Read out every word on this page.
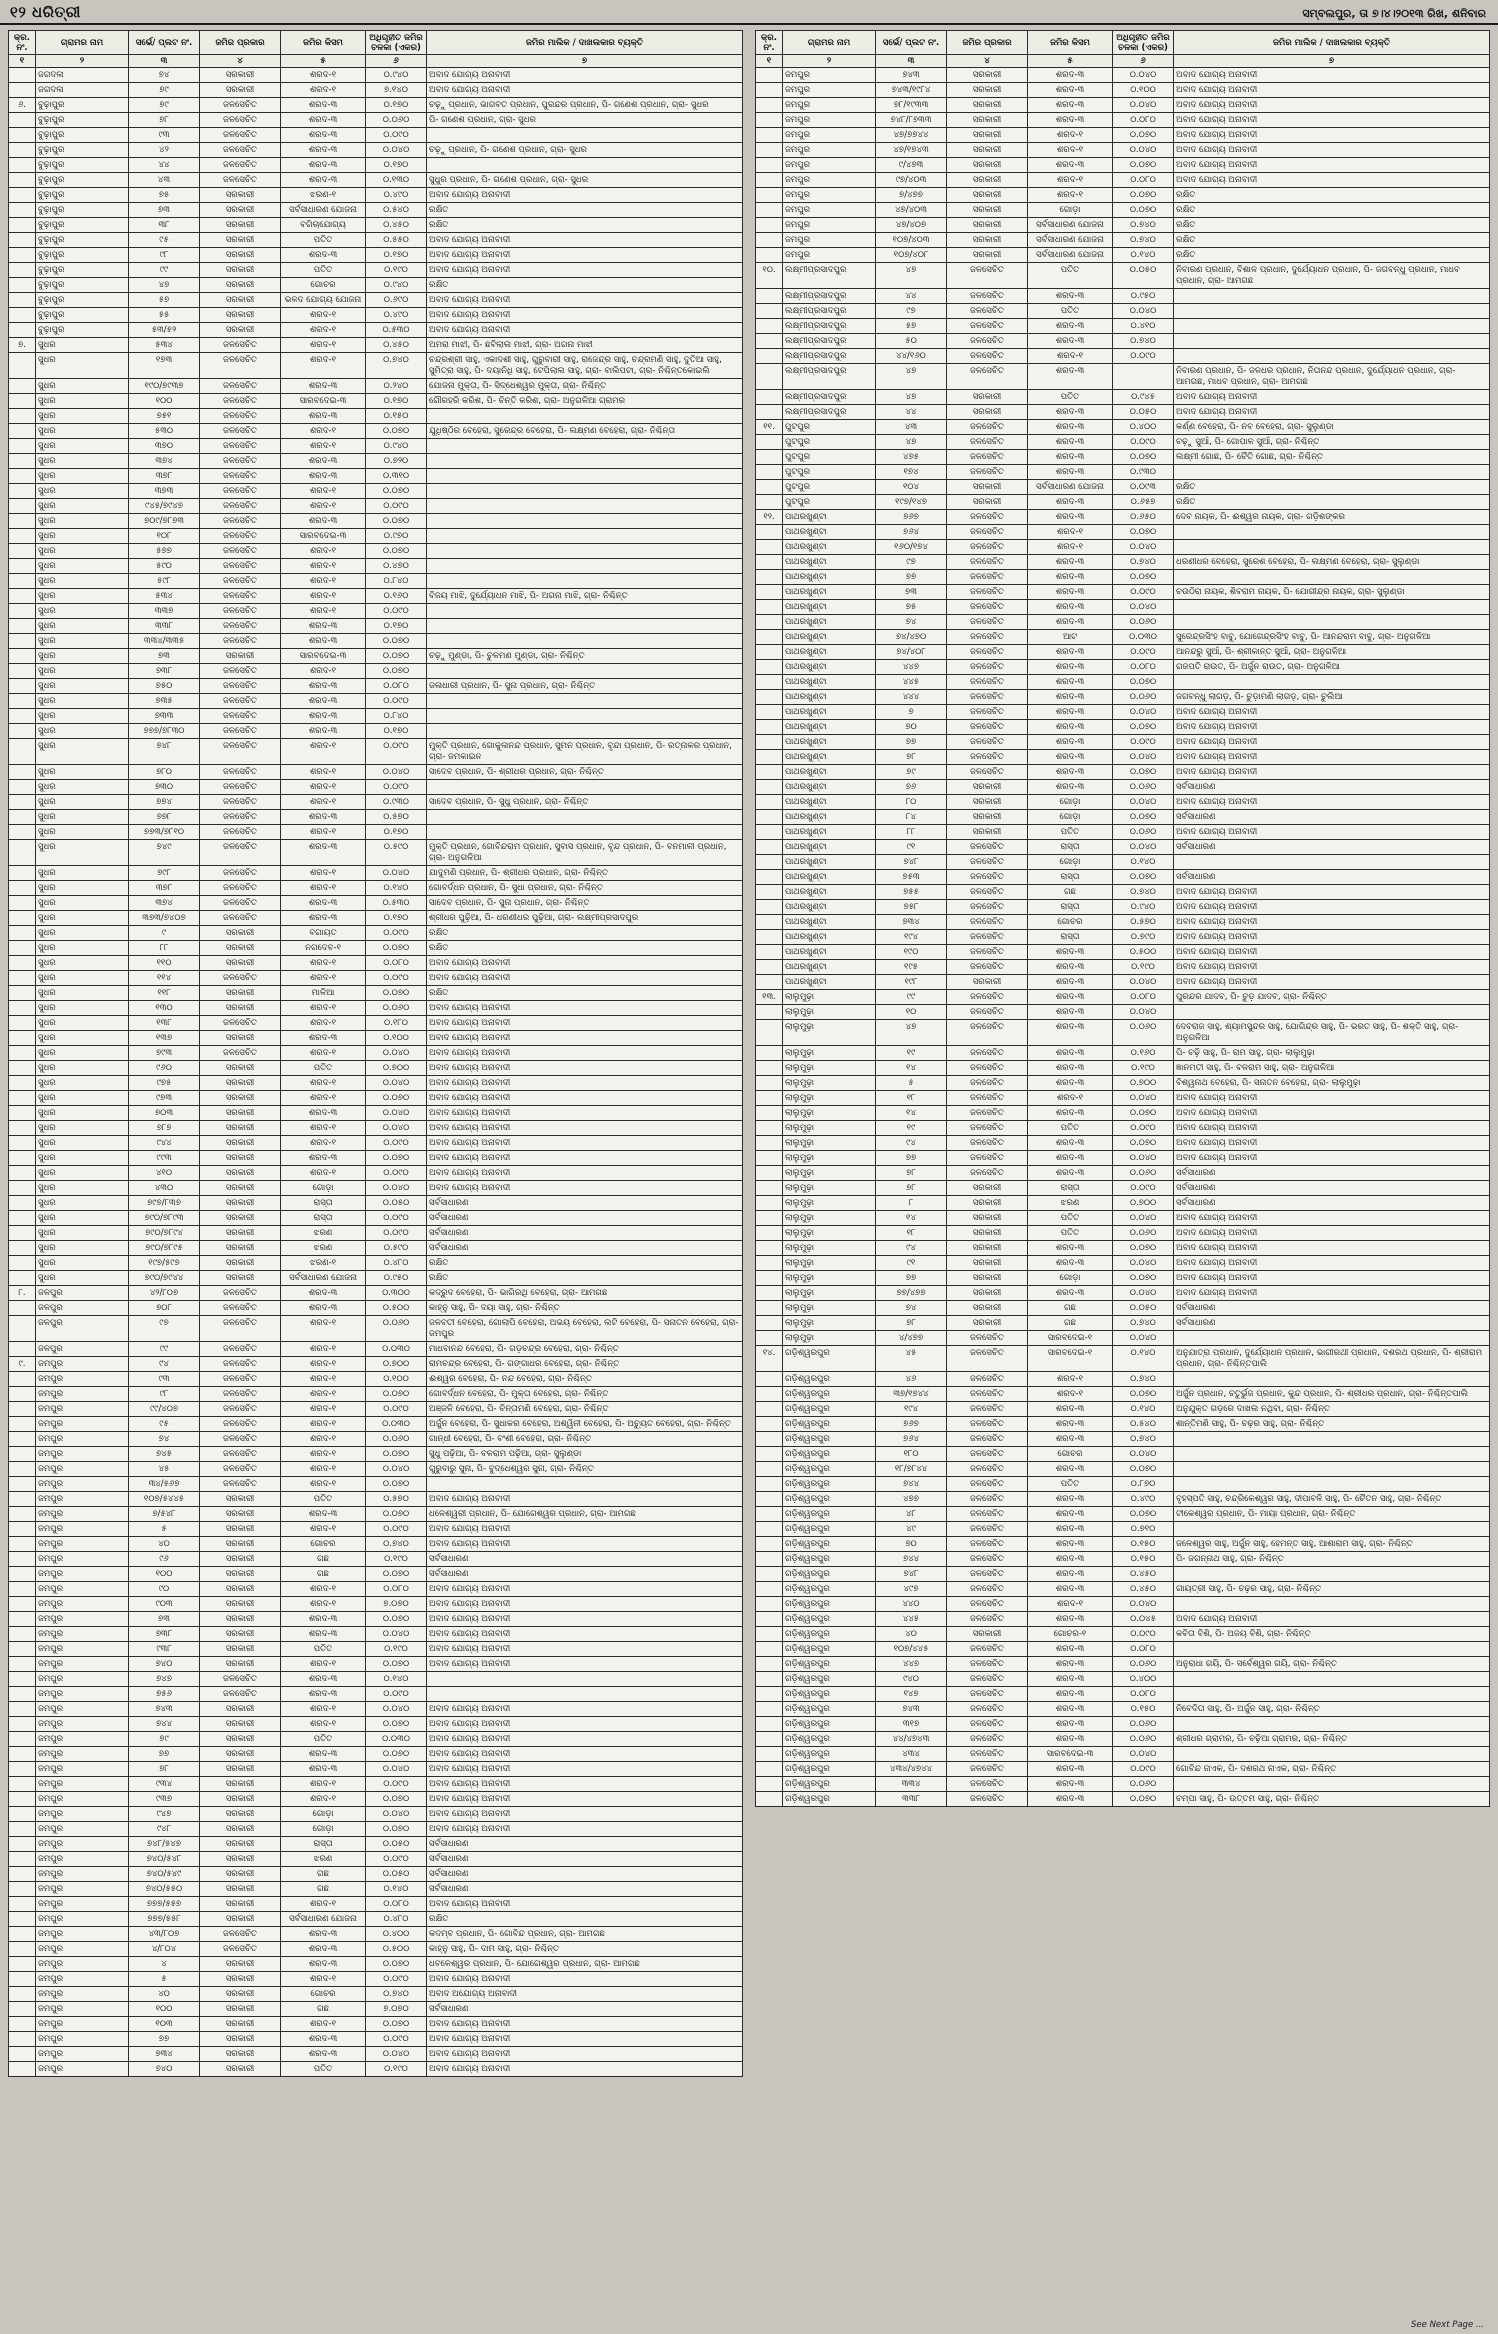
୧୨ ଧରିତ୍ରୀ	ସମ୍ବଲପୁର, ତା ୭।୪।୨୦୧୩ ରିଖ, ଶନିବାର
କ୍ର. ନଂ.	ଗ୍ରାମର ନାମ	ସର୍ଭେ/ ପ୍ଲଟ ନଂ.	ଜମିର ପ୍ରକାର	ଜମିର କିସମ	ଅଧିଗୃହୀତ ଜମିର ଚଳକା (ଏକର)	ଜମିର ମାଲିକ / ଦାଖଲକାର ବ୍ୟକ୍ତି
୧	୨	୩	୪	୫	୬	୭
	ଜଗଦଳା	୭୪	ସରକାରୀ	ଶରଦ-୧	୦.୯୪୦	ଅବାଦ ଯୋଗ୍ୟ ଅନାବାଦୀ
	ଜଗଦଳା	୭୯	ସରକାରୀ	ଶରଦ-୧	୭.୧୪୦	ଅବାଦ ଯୋଗ୍ୟ ଅନାବାଦୀ
୬.	ବୁଢ଼ାପୁର	୭୯	ଜଳସେଚିତ	ଶରଦ-୩	୦.୧୭୦	ଚଢ଼ୁ ପ୍ରଧାନ, ଭାଗବତ ପ୍ରଧାନ, ପୁରନ୍ଦର ପ୍ରଧାନ, ପି- ଗଣେଶ ପ୍ରଧାନ, ଗ୍ରା- ସୁଧର
	ବୁଢ଼ାପୁର	୭୮	ଜଳସେଚିତ	ଶରଦ-୩	୦.୦୬୦	ପି- ଗଣେଶ ପ୍ରଧାନ, ଗ୍ରା- ସୁଧର
	ବୁଢ଼ାପୁର	୯୩	ଜଳସେଚିତ	ଶରଦ-୩	୦.୦୯୦	
	ବୁଢ଼ାପୁର	୪୨	ଜଳସେଚିତ	ଶରଦ-୩	୦.୦୪୦	ଚଢ଼ୁ ପ୍ରଧାନ, ପି- ଗଣେଶ ପ୍ରଧାନ, ଗ୍ରା- ସୁଧର
	ବୁଢ଼ାପୁର	୪୪	ଜଳସେଚିତ	ଶରଦ-୩	୦.୧୭୦	
	ବୁଢ଼ାପୁର	୪୩	ଜଳସେଚିତ	ଶରଦ-୩	୦.୧୩୦	ସୁଧୁର ପ୍ରଧାନ, ପି- ଗଣେଶ ପ୍ରଧାନ, ଗ୍ରା- ସୁଧର
	ବୁଢ଼ାପୁର	୭୫	ସରକାରୀ	ଝରଣ-୧	୦.୪୯୦	ଅବାଦ ଯୋଗ୍ୟ ଅନାବାଦୀ
	ବୁଢ଼ାପୁର	୭୩	ସରକାରୀ	ସର୍ବସାଧାରଣ ଯୋଜନା	୦.୫୪୦	ରକ୍ଷିତ
	ବୁଢ଼ାପୁର	୩୮	ସରକାରୀ	ବଗିଚାଯୋଗ୍ୟ	୦.୪୫୦	ରକ୍ଷିତ
	ବୁଢ଼ାପୁର	୯୫	ସରକାରୀ	ପତିତ	୦.୫୫୦	ଅବାଦ ଯୋଗ୍ୟ ଅନାବାଦୀ
	ବୁଢ଼ାପୁର	୯୮	ସରକାରୀ	ଶରଦ-୩	୦.୧୭୦	ଅବାଦ ଯୋଗ୍ୟ ଅନାବାଦୀ
	ବୁଢ଼ାପୁର	୯୯	ସରକାରୀ	ପତିତ	୦.୧୯୦	ଅବାଦ ଯୋଗ୍ୟ ଅନାବାଦୀ
	ବୁଢ଼ାପୁର	୪୭	ସରକାରୀ	ଗୋଚର	୦.୯୪୦	ରକ୍ଷିତ
	ବୁଢ଼ାପୁର	୫୭	ସରକାରୀ	ଭଳଦ ଯୋଗ୍ୟ ଯୋଜନା	୦.୬୯୦	ଅବାଦ ଯୋଗ୍ୟ ଅନାବାଦୀ
	ବୁଢ଼ାପୁର	୫୫	ସରକାରୀ	ଶରଦ-୧	୦.୪୯୦	ଅବାଦ ଯୋଗ୍ୟ ଅନାବାଦୀ
	ବୁଢ଼ାପୁର	୫୩/୫୨	ସରକାରୀ	ଶରଦ-୧	୦.୫୩୦	ଅବାଦ ଯୋଗ୍ୟ ଅନାବାଦୀ
୭.	ସୁଧର	୫୩୪	ଜଳସେଚିତ	ଶରଦ-୧	୦.୪୫୦	ଅମରା ମାଝୀ, ପି- ଛବିଲାଲ ମାଝୀ, ଗ୍ରା- ଅଗନା ମାଝୀ
	ସୁଧର	୧୭୩	ଜଳସେଚିତ	ଶରଦ-୧	୦.୭୪୦	ଚନ୍ଦ୍ରଶ୍ରୀ ସାହୁ, ଏକାଦଶୀ ସାହୁ, ଗୁରୁବାରୀ ସାହୁ, ରାଜେନ୍ଦ୍ର ସାହୁ, ଚନ୍ଦ୍ରମଣି ସାହୁ, ଦୁତିଆ ସାହୁ, ସୁମିତ୍ରା ସାହୁ, ପି- ଦୟାନିଧି ସାହୁ, ଟେପିଲାଲ ସାହୁ, ଗ୍ରା- ବାଲିପଟା, ଗ୍ରା- ନିଶ୍ଚିନ୍ତକୋଇଲି
	ସୁଧର	୧୯୦/୭୯୩୭	ଜଳସେଚିତ	ଶରଦ-୩	୦.୨୪୦	ଯୋଜନା ମୁକ୍ତା, ପି- ସିଦ୍ଧେଶ୍ୱର ମୁକ୍ତା, ଗ୍ରା- ନିଶ୍ଚିନ୍ତ
	ସୁଧର	୧୦୦	ଜଳସେଚିତ	ସାରବଦେଇ-୩	୦.୧୭୦	ଗୌରହରି କରିଶ, ପି- ଚିନ୍ତି କରିଶ, ଗ୍ରା- ଅନୁଗଳିଆ ଗ୍ରାମର
	ସୁଧର	୭୫୧	ଜଳସେଚିତ	ଶରଦ-୩	୦.୧୫୦	
	ସୁଧର	୫୩୦	ଜଳସେଚିତ	ଶରଦ-୧	୦.୦୭୦	ଯୁଧିଷ୍ଠିର ବେହେରା, ସୁରେନ୍ଦ୍ର ବେହେରା, ପି- ଲକ୍ଷ୍ମଣ ବେହେରା, ଗ୍ରା- ନିଶ୍ଚିନ୍ତା
	ସୁଧର	୩୭୦	ଜଳସେଚିତ	ଶରଦ-୧	୦.୯୪୦	
	ସୁଧର	୩୭୪	ଜଳସେଚିତ	ଶରଦ-୩	୦.୭୨୦	
	ସୁଧର	୩୭୮	ଜଳସେଚିତ	ଶରଦ-୩	୦.୩୧୦	
	ସୁଧର	୩୭୩	ଜଳସେଚିତ	ଶରଦ-୧	୦.୦୭୦	
	ସୁଧର	୯୪୫/୭୯୪୭	ଜଳସେଚିତ	ଶରଦ-୧	୦.୦୯୦	
	ସୁଧର	୭୦୯/୭୮୭୩	ଜଳସେଚିତ	ଶରଦ-୩	୦.୦୭୦	
	ସୁଧର	୧୦୮	ଜଳସେଚିତ	ସାରବଦେଇ-୩	୦.୯୭୦	
	ସୁଧର	୫୭୭	ଜଳସେଚିତ	ଶରଦ-୧	୦.୦୭୦	
	ସୁଧର	୫୯୦	ଜଳସେଚିତ	ଶରଦ-୧	୦.୪୭୦	
	ସୁଧର	୫୯୮	ଜଳସେଚିତ	ଶରଦ-୧	୦.୮୪୦	
	ସୁଧର	୫୩୪	ଜଳସେଚିତ	ଶରଦ-୧	୦.୧୬୦	ବିଜୟ ମାଝି, ଦୁର୍ଯ୍ୟୋଧନ ମାଝି, ପି- ଅଗନା ମାଝି, ଗ୍ରା- ନିଶ୍ଚିନ୍ତ
	ସୁଧର	୩୩୭	ଜଳସେଚିତ	ଶରଦ-୧	୦.୦୯୦	
	ସୁଧର	୩୩୮	ଜଳସେଚିତ	ଶରଦ-୩	୦.୧୭୦	
	ସୁଧର	୩୩୪/୩୩୫	ଜଳସେଚିତ	ଶରଦ-୩	୦.୦୭୦	
	ସୁଧର	୭୩	ସରକାରୀ	ସାରବଦେଇ-୩	୦.୦୭୦	ଚଢ଼ୁ ମୁଣ୍ଡା, ପି- ଚୁଳମଣ ମୁଣ୍ଡା, ଗ୍ରା- ନିଶ୍ଚିନ୍ତ
	ସୁଧର	୭୩୮	ଜଳସେଚିତ	ଶରଦ-୧	୦.୦୭୦	
	ସୁଧର	୭୫୦	ଜଳସେଚିତ	ଶରଦ-୩	୦.୦୮୦	ଜଳାଧାରୀ ପ୍ରଧାନ, ପି- ସୁନା ପ୍ରଧାନ, ଗ୍ରା- ନିଶ୍ଚିନ୍ତ
	ସୁଧର	୭୩୫	ଜଳସେଚିତ	ଶରଦ-୩	୦.୦୯୦	
	ସୁଧର	୭୩୩	ଜଳସେଚିତ	ଶରଦ-୩	୦.୮୪୦	
	ସୁଧର	୭୭୭/୭୮୩୦	ଜଳସେଚିତ	ଶରଦ-୩	୦.୧୭୦	
	ସୁଧର	୭୪୮	ଜଳସେଚିତ	ଶରଦ-୧	୦.୦୯୦	ମୁକ୍ତି ପ୍ରଧାନ, ଗୋକୁଳାନନ୍ଦ ପ୍ରଧାନ, ସୁମନ ପ୍ରଧାନ, ବୃନ୍ଦା ପ୍ରଧାନ, ପି- ରତ୍ନାକର ପ୍ରଧାନ, ଗ୍ରା- ଜମକାଇନ
	ସୁଧର	୭୮୦	ଜଳସେଚିତ	ଶରଦ-୧	୦.୦୪୦	ସାଦେବ ପ୍ରଧାନ, ପି- ଶ୍ରୀଧର ପ୍ରଧାନ, ଗ୍ରା- ନିଶ୍ଚିନ୍ତ
	ସୁଧର	୭୩୦	ଜଳସେଚିତ	ଶରଦ-୧	୦.୦୯୦	
	ସୁଧର	୭୭୪	ଜଳସେଚିତ	ଶରଦ-୧	୦.୯୩୦	ସାଦେବ ପ୍ରଧାନ, ପି- ସୁଧୁ ପ୍ରଧାନ, ଗ୍ରା- ନିଶ୍ଚିନ୍ତ
	ସୁଧର	୭୭୮	ଜଳସେଚିତ	ଶରଦ-୩	୦.୫୭୦	
	ସୁଧର	୭୭୩/୭୮୧୦	ଜଳସେଚିତ	ଶରଦ-୧	୦.୧୭୦	
	ସୁଧର	୭୪୯	ଜଳସେଚିତ	ଶରଦ-୩	୦.୫୯୦	ମୁକ୍ତି ପ୍ରଧାନ, ଗୋବିନ୍ଦରାମ ପ୍ରଧାନ, ସୁବାସ ପ୍ରଧାନ, ବୃନ୍ଦ ପ୍ରଧାନ, ପି- ବନମାଳୀ ପ୍ରଧାନ, ଗ୍ରା- ଅନୁଗଳିଆ
	ସୁଧର	୭୯୮	ଜଳସେଚିତ	ଶରଦ-୧	୦.୦୪୦	ଯାଦୁମଣି ପ୍ରଧାନ, ପି- ଶ୍ରୀଧର ପ୍ରଧାନ, ଗ୍ରା- ନିଶ୍ଚିନ୍ତ
	ସୁଧର	୩୭୮	ଜଳସେଚିତ	ଶରଦ-୧	୦.୧୪୦	ଗୋବର୍ଦ୍ଧନ ପ୍ରଧାନ, ପି- ସୁଧା ପ୍ରଧାନ, ଗ୍ରା- ନିଶ୍ଚିନ୍ତ
	ସୁଧର	୩୭୪	ଜଳସେଚିତ	ଶରଦ-୩	୦.୫୩୦	ସାଦେବ ପ୍ରଧାନ, ପି- ସୁନା ପ୍ରଧାନ, ଗ୍ରା- ନିଶ୍ଚିନ୍ତ
	ସୁଧର	୩୭୩/୭୪୦୭	ଜଳସେଚିତ	ଶରଦ-୩	୦.୧୭୦	ଶ୍ରୀଧର ପୁଢ଼ିଆ, ପି- ଧରଣୀଧର ପୁଢ଼ିଆ, ଗ୍ରା- ଲକ୍ଷ୍ମୀପ୍ରସାଦପୁର
	ସୁଧର	୯	ସରକାରୀ	ବଗାୟତ	୦.୦୯୦	ରକ୍ଷିତ
	ସୁଧର	୮୮	ସରକାରୀ	ନଗଦେବ-୧	୦.୦୭୦	ରକ୍ଷିତ
	ସୁଧର	୧୧୦	ସରକାରୀ	ଶରଦ-୧	୦.୦୮୦	ଅବାଦ ଯୋଗ୍ୟ ଅନାବାଦୀ
	ସୁଧର	୧୧୪	ଜଳସେଚିତ	ଶରଦ-୧	୦.୦୯୦	ଅବାଦ ଯୋଗ୍ୟ ଅନାବାଦୀ
	ସୁଧର	୧୧୮	ସରକାରୀ	ମାଳିଆ	୦.୦୭୦	ରକ୍ଷିତ
	ସୁଧର	୧୩୦	ସରକାରୀ	ଶରଦ-୧	୦.୦୬୦	ଅବାଦ ଯୋଗ୍ୟ ଅନାବାଦୀ
	ସୁଧର	୧୩୮	ଜଳସେଚିତ	ଶରଦ-୧	୦.୧୮୦	ଅବାଦ ଯୋଗ୍ୟ ଅନାବାଦୀ
	ସୁଧର	୧୩୭	ସରକାରୀ	ଶରଦ-୩	୦.୧୦୦	ଅବାଦ ଯୋଗ୍ୟ ଅନାବାଦୀ
	ସୁଧର	୭୯୩	ଜଳସେଚିତ	ଶରଦ-୧	୦.୦୪୦	ଅବାଦ ଯୋଗ୍ୟ ଅନାବାଦୀ
	ସୁଧର	୯୬୦	ସରକାରୀ	ପତିତ	୦.୭୦୦	ଅବାଦ ଯୋଗ୍ୟ ଅନାବାଦୀ
	ସୁଧର	୯୭୫	ସରକାରୀ	ଶରଦ-୧	୦.୦୪୦	ଅବାଦ ଯୋଗ୍ୟ ଅନାବାଦୀ
	ସୁଧର	୯୭୩	ସରକାରୀ	ଶରଦ-୧	୦.୦୭୦	ଅବାଦ ଯୋଗ୍ୟ ଅନାବାଦୀ
	ସୁଧର	୭୦୩	ସରକାରୀ	ଶରଦ-୩	୦.୦୪୦	ଅବାଦ ଯୋଗ୍ୟ ଅନାବାଦୀ
	ସୁଧର	୭୮୭	ସରକାରୀ	ଶରଦ-୧	୦.୦୪୦	ଅବାଦ ଯୋଗ୍ୟ ଅନାବାଦୀ
	ସୁଧର	୯୪୪	ସରକାରୀ	ଶରଦ-୧	୦.୦୯୦	ଅବାଦ ଯୋଗ୍ୟ ଅନାବାଦୀ
	ସୁଧର	୯୯୩	ସରକାରୀ	ଶରଦ-୩	୦.୦୭୦	ଅବାଦ ଯୋଗ୍ୟ ଅନାବାଦୀ
	ସୁଧର	୪୧୦	ସରକାରୀ	ଶରଦ-୧	୦.୦୯୦	ଅବାଦ ଯୋଗ୍ୟ ଅନାବାଦୀ
	ସୁଧର	୪୩୦	ସରକାରୀ	ଗୋଡ଼ା	୦.୦୪୦	ଅବାଦ ଯୋଗ୍ୟ ଅନାବାଦୀ
	ସୁଧର	୭୯୭/୮୩୭	ସରକାରୀ	ରାସ୍ତା	୦.୦୫୦	ସର୍ବସାଧାରଣ
	ସୁଧର	୭୯୦/୭୮୯୩	ସରକାରୀ	ରାସ୍ତା	୦.୦୯୦	ସର୍ବସାଧାରଣ
	ସୁଧର	୭୯୦/୭୮୯୪	ସରକାରୀ	ଝରଣ	୦.୦୯୦	ସର୍ବସାଧାରଣ
	ସୁଧର	୭୯୦/୭୮୯୫	ସରକାରୀ	ଝରଣ	୦.୫୯୦	ସର୍ବସାଧାରଣ
	ସୁଧର	୧୯୭/୫୯୭	ସରକାରୀ	ଝରଣ-୧	୦.୪୮୦	ରକ୍ଷିତ
	ସୁଧର	୭୯୦/୭୯୪୪	ସରକାରୀ	ସର୍ବସାଧାରଣ ଯୋଜନା	୦.୯୫୦	ରକ୍ଷିତ
୮.	ଜଳପୁର	୪୨/୮୦୭	ଜଳସେଚିତ	ଶରଦ-୩	୦.୩୦୦	କଦ୍ରୁଦ ବେହେରା, ପି- ଭାଗିରଥି ବେହେରା, ଗ୍ରା- ଆମଗଛ
	ଜଳପୁର	୭୦୮	ଜଳସେଚିତ	ଶରଦ-୩	୦.୫୦୦	କାହ୍ନୁ ସାହୁ, ପି- ଦୟା ସାହୁ, ଗ୍ରା- ନିଶ୍ଚିନ୍ତ
	ଜଳପୁର	୯୭	ଜଳସେଚିତ	ଶରଦ-୧	୦.୦୬୦	ଜଳବତୀ ବେହେରା, ଗୋଲାପି ବେହେରା, ଅଭୟ ବେହେରା, ଲଟି ବେହେରା, ପି- ସନାତନ ବେହେରା, ଗ୍ରା- ଜମପୁର
	ଜଳପୁର	୯୯	ଜଳସେଚିତ	ଶରଦ-୧	୦.୦୩୦	ମାଧବାନନ୍ଦ ବେହେରା, ପି- ଗଡ଼ଚନ୍ଦ୍ର ବେହେରା, ଗ୍ରା- ନିଶ୍ଚିନ୍ତ
୯.	ଜମପୁର	୯୪	ଜଳସେଚିତ	ଶରଦ-୧	୦.୭୦୦	ରାମଚନ୍ଦ୍ର ବେହେରା, ପି- ଗଙ୍ଗାଧର ବେହେରା, ଗ୍ରା- ନିଶ୍ଚିନ୍ତ
	ଜମପୁର	୯୩	ଜଳସେଚିତ	ଶରଦ-୧	୦.୧୦୦	ଈଶ୍ୱର ବେହେରା, ପି- ନନ୍ଦ ବେହେରା, ଗ୍ରା- ନିଶ୍ଚିନ୍ତ
	ଜମପୁର	୯୮	ଜଳସେଚିତ	ଶରଦ-୧	୦.୦୭୦	ଗୋବର୍ଦ୍ଧନ ବେହେରା, ପି- ମୁକ୍ତା ବେହେରା, ଗ୍ରା- ନିଶ୍ଚିନ୍ତ
	ଜମପୁର	୯୯/୪୦୭	ଜଳସେଚିତ	ଶରଦ-୧	୦.୦୯୦	ଅଞ୍ଜଳି ବେହେରା, ପି- ଚିନ୍ତାମଣି ବେହେରା, ଗ୍ରା- ନିଶ୍ଚିନ୍ତ
	ଜମପୁର	୯୫	ଜଳସେଚିତ	ଶରଦ-୧	୦.୦୩୦	ଅର୍ଜୁନ ବେହେରା, ପି- ସୁଧାକର ବେହେରା, ଅଶ୍ୱିନୀ ବେହେରା, ପି- ଅଚ୍ୟୁତ ବେହେରା, ଗ୍ରା- ନିଶ୍ଚିନ୍ତ
	ଜମପୁର	୭୪	ଜଳସେଚିତ	ଶରଦ-୧	୦.୦୬୦	ଗାନ୍ଧୀ ବେହେରା, ପି- ବଂଶୀ ବେହେରା, ଗ୍ରା- ନିଶ୍ଚିନ୍ତ
	ଜମପୁର	୭୪୫	ଜଳସେଚିତ	ଶରଦ-୧	୦.୦୭୦	ସୁଧୁ ପଢ଼ିଆ, ପି- ବଳରାମ ପଢ଼ିଆ, ଗ୍ରା- ସୁଲୁଣ୍ଡା
	ଜମପୁର	୪୫	ଜଳସେଚିତ	ଶରଦ-୧	୦.୦୪୦	ଗୁରୁବାରୁ ସୁନା, ପି- ବୁଦ୍ଧେଶ୍ୱର ସୁନା, ଗ୍ରା- ନିଶ୍ଚିନ୍ତ
	ଜମପୁର	୩୪/୫୬୭	ଜଳସେଚିତ	ଶରଦ-୧	୦.୦୭୦	
	ଜମପୁର	୧୦୭/୫୪୪୫	ସରକାରୀ	ପତିତ	୦.୫୭୦	ଅବାଦ ଯୋଗ୍ୟ ଅନାବାଦୀ
	ଜମପୁର	୭/୫୪୮	ସରକାରୀ	ଶରଦ-୩	୦.୦୭୦	ଧଳେଶ୍ୱରୀ ପ୍ରଧାନ, ପି- ଯୋଗେଶ୍ୱର ପ୍ରଧାନ, ଗ୍ରା- ଆମଗଛ
	ଜମପୁର	୫	ସରକାରୀ	ଶରଦ-୧	୦.୦୯୦	ଅବାଦ ଯୋଗ୍ୟ ଅନାବାଦୀ
	ଜମପୁର	୪୦	ସରକାରୀ	ଗୋଚର	୦.୭୪୦	ଅବାଦ ଯୋଗ୍ୟ ଅନାବାଦୀ
	ଜମପୁର	୯୬	ସରକାରୀ	ଗଛ	୦.୧୯୦	ସର୍ବସାଧାରଣ
	ଜମପୁର	୧୦୦	ସରକାରୀ	ଗଛ	୦.୦୭୦	ସର୍ବସାଧାରଣ
	ଜମପୁର	୯୦	ସରକାରୀ	ଶରଦ-୧	୦.୦୮୦	ଅବାଦ ଯୋଗ୍ୟ ଅନାବାଦୀ
	ଜମପୁର	୯୦୩	ସରକାରୀ	ଶରଦ-୧	୭.୦୭୦	ଅବାଦ ଯୋଗ୍ୟ ଅନାବାଦୀ
	ଜମପୁର	୭୩	ସରକାରୀ	ଶରଦ-୩	୦.୦୭୦	ଅବାଦ ଯୋଗ୍ୟ ଅନାବାଦୀ
	ଜମପୁର	୭୩୮	ସରକାରୀ	ଶରଦ-୩	୦.୦୪୦	ଅବାଦ ଯୋଗ୍ୟ ଅନାବାଦୀ
	ଜମପୁର	୯୩୮	ସରକାରୀ	ପତିତ	୦.୧୯୦	ଅବାଦ ଯୋଗ୍ୟ ଅନାବାଦୀ
	ଜମପୁର	୭୪୦	ସରକାରୀ	ଶରଦ-୧	୦.୦୭୦	ଅବାଦ ଯୋଗ୍ୟ ଅନାବାଦୀ
	ଜମପୁର	୭୪୭	ଜଳସେଚିତ	ଶରଦ-୩	୦.୧୪୦	
	ଜମପୁର	୭୫୬	ଜଳସେଚିତ	ଶରଦ-୩	୦.୦୯୦	
	ଜମପୁର	୭୪୩	ସରକାରୀ	ଶରଦ-୧	୦.୦୪୦	ଅବାଦ ଯୋଗ୍ୟ ଅନାବାଦୀ
	ଜମପୁର	୭୪୪	ସରକାରୀ	ଶରଦ-୧	୦.୦୭୦	ଅବାଦ ଯୋଗ୍ୟ ଅନାବାଦୀ
	ଜମପୁର	୭୯	ସରକାରୀ	ପତିତ	୦.୦୩୦	ଅବାଦ ଯୋଗ୍ୟ ଅନାବାଦୀ
	ଜମପୁର	୭୭	ସରକାରୀ	ଶରଦ-୩	୦.୦୭୦	ଅବାଦ ଯୋଗ୍ୟ ଅନାବାଦୀ
	ଜମପୁର	୭୮	ସରକାରୀ	ଶରଦ-୩	୦.୦୪୦	ଅବାଦ ଯୋଗ୍ୟ ଅନାବାଦୀ
	ଜମପୁର	୯୩୪	ସରକାରୀ	ଶରଦ-୧	୦.୦୯୦	ଅବାଦ ଯୋଗ୍ୟ ଅନାବାଦୀ
	ଜମପୁର	୯୩୭	ସରକାରୀ	ଶରଦ-୧	୦.୦୭୦	ଅବାଦ ଯୋଗ୍ୟ ଅନାବାଦୀ
	ଜମପୁର	୯୪୭	ସରକାରୀ	ଗୋଡ଼ା	୦.୦୪୦	ଅବାଦ ଯୋଗ୍ୟ ଅନାବାଦୀ
	ଜମପୁର	୯୪୮	ସରକାରୀ	ଗୋଡ଼ା	୦.୦୭୦	ଅବାଦ ଯୋଗ୍ୟ ଅନାବାଦୀ
	ଜମପୁର	୭୪୮/୫୪୭	ସରକାରୀ	ରାସ୍ତା	୦.୦୫୦	ସର୍ବସାଧାରଣ
	ଜମପୁର	୭୪୦/୫୪୮	ସରକାରୀ	ଝରଣ	୦.୦୯୦	ସର୍ବସାଧାରଣ
	ଜମପୁର	୭୪୦/୫୪୯	ସରକାରୀ	ଗଛ	୦.୦୫୦	ସର୍ବସାଧାରଣ
	ଜମପୁର	୭୪୦/୫୫୦	ସରକାରୀ	ଗଛ	୦.୧୪୦	ସର୍ବସାଧାରଣ
	ଜମପୁର	୭୭୭/୫୫୭	ସରକାରୀ	ଶରଦ-୧	୦.୦୮୦	ଅବାଦ ଯୋଗ୍ୟ ଅନାବାଦୀ
	ଜମପୁର	୭୭୭/୫୫୮	ସରକାରୀ	ସର୍ବସାଧାରଣ ଯୋଜନା	୦.୪୮୦	ରକ୍ଷିତ
	ଜମପୁର	୪୩/୮୦୭	ଜଳସେଚିତ	ଶରଦ-୩	୦.୪୦୦	କଦମ୍ବ ପ୍ରଧାନ, ପି- ଗୋବିନ୍ଦ ପ୍ରଧାନ, ଗ୍ରା- ଆମଗଛ
	ଜମପୁର	୪/୮୦୪	ଜଳସେଚିତ	ଶରଦ-୩	୦.୫୦୦	କାହ୍ନୁ ସାହୁ, ପି- ଦାମ ସାହୁ, ଗ୍ରା- ନିଶ୍ଚିନ୍ତ
	ଜମପୁର	୪	ସରକାରୀ	ଶରଦ-୩	୦.୦୭୦	ଧବଳେଶ୍ୱର ପ୍ରଧାନ, ପି- ଯୋଗେଶ୍ୱର ପ୍ରଧାନ, ଗ୍ରା- ଆମଗଛ
	ଜମପୁର	୫	ସରକାରୀ	ଶରଦ-୧	୦.୦୯୦	ଅବାଦ ଯୋଗ୍ୟ ଅନାବାଦୀ
	ଜମପୁର	୪୦	ସରକାରୀ	ଗୋଚର	୦.୭୪୦	ଅବାଦ ଅଯୋଗ୍ୟ ଅନାବାଦୀ
	ଜମପୁର	୧୦୦	ସରକାରୀ	ଗଛ	୭.୦୭୦	ସର୍ବସାଧାରଣ
	ଜମପୁର	୧୦୩	ସରକାରୀ	ଶରଦ-୧	୦.୦୭୦	ଅବାଦ ଯୋଗ୍ୟ ଅନାବାଦୀ
	ଜମପୁର	୭୭	ସରକାରୀ	ଶରଦ-୩	୦.୦୯୦	ଅବାଦ ଯୋଗ୍ୟ ଅନାବାଦୀ
	ଜମପୁର	୭୩୪	ସରକାରୀ	ଶରଦ-୩	୦.୦୪୦	ଅବାଦ ଯୋଗ୍ୟ ଅନାବାଦୀ
	ଜମପୁର	୭୪୦	ସରକାରୀ	ପତିତ	୦.୧୯୦	ଅବାଦ ଯୋଗ୍ୟ ଅନାବାଦୀ
କ୍ର. ନଂ.	ଗ୍ରାମର ନାମ	ସର୍ଭେ/ ପ୍ଲଟ ନଂ.	ଜମିର ପ୍ରକାର	ଜମିର କିସମ	ଅଧିଗୃହୀତ ଜମିର ଚଳକା (ଏକର)	ଜମିର ମାଲିକ / ଦାଖଲକାର ବ୍ୟକ୍ତି
୧	୨	୩	୪	୫	୬	୭
	ଜମପୁର	୭୪୩	ସରକାରୀ	ଶରଦ-୩	୦.୦୪୦	ଅବାଦ ଯୋଗ୍ୟ ଅନାବାଦୀ
	ଜମପୁର	୭୪୩/୧୯୮୪	ସରକାରୀ	ଶରଦ-୩	୦.୧୦୦	ଅବାଦ ଯୋଗ୍ୟ ଅନାବାଦୀ
	ଜମପୁର	୭୮/୧୯୩୩	ସରକାରୀ	ଶରଦ-୩	୦.୦୪୦	ଅବାଦ ଯୋଗ୍ୟ ଅନାବାଦୀ
	ଜମପୁର	୭୪୮/୮୭୩୩	ସରକାରୀ	ଶରଦ-୩	୦.୦୮୦	ଅବାଦ ଯୋଗ୍ୟ ଅନାବାଦୀ
	ଜମପୁର	୪୭/୭୭୪୪	ସରକାରୀ	ଶରଦ-୧	୦.୦୭୦	ଅବାଦ ଯୋଗ୍ୟ ଅନାବାଦୀ
	ଜମପୁର	୪୭/୧୭୪୩	ସରକାରୀ	ଶରଦ-୧	୦.୦୪୦	ଅବାଦ ଯୋଗ୍ୟ ଅନାବାଦୀ
	ଜମପୁର	୯/୪୭୩	ସରକାରୀ	ଶରଦ-୩	୦.୦୭୦	ଅବାଦ ଯୋଗ୍ୟ ଅନାବାଦୀ
	ଜମପୁର	୯୭/୪୦୩	ସରକାରୀ	ଶରଦ-୧	୦.୦୮୦	ଅବାଦ ଯୋଗ୍ୟ ଅନାବାଦୀ
	ଜମପୁର	୭/୪୭୭	ସରକାରୀ	ଶରଦ-୧	୦.୦୭୦	ରକ୍ଷିତ
	ଜମପୁର	୪୭/୪୦୩	ସରକାରୀ	ଗୋଡ଼ା	୦.୦୭୦	ରକ୍ଷିତ
	ଜମପୁର	୪୭/୪୦୭	ସରକାରୀ	ସର୍ବସାଧାରଣ ଯୋଜନା	୦.୭୪୦	ରକ୍ଷିତ
	ଜମପୁର	୧୦୭/୪୦୩	ସରକାରୀ	ସର୍ବସାଧାରଣ ଯୋଜନା	୦.୭୪୦	ରକ୍ଷିତ
	ଜମପୁର	୧୦୭/୪୦୮	ସରକାରୀ	ସର୍ବସାଧାରଣ ଯୋଜନା	୦.୧୪୦	ରକ୍ଷିତ
୧୦.	ଲକ୍ଷ୍ମୀପ୍ରସାଦପୁର	୪୭	ଜଳସେଚିତ	ପତିତ	୦.୦୫୦	ନିବାରଣ ପ୍ରଧାନ, ବିଶାଳ ପ୍ରଧାନ, ଦୁର୍ଯ୍ୟୋଧନ ପ୍ରଧାନ, ପି- ଜଗବନ୍ଧୁ ପ୍ରଧାନ, ମାଧବ ପ୍ରଧାନ, ଗ୍ରା- ଆମଗଛ
	ଲକ୍ଷ୍ମୀପ୍ରସାଦପୁର	୪୪	ଜଳସେଚିତ	ଶରଦ-୩	୦.୯୫୦	
	ଲକ୍ଷ୍ମୀପ୍ରସାଦପୁର	୯୭	ଜଳସେଚିତ	ପତିତ	୦.୦୪୦	
	ଲକ୍ଷ୍ମୀପ୍ରସାଦପୁର	୫୭	ଜଳସେଚିତ	ଶରଦ-୩	୦.୪୧୦	
	ଲକ୍ଷ୍ମୀପ୍ରସାଦପୁର	୫୦	ଜଳସେଚିତ	ଶରଦ-୩	୦.୭୪୦	
	ଲକ୍ଷ୍ମୀପ୍ରସାଦପୁର	୪୪/୧୬୦	ଜଳସେଚିତ	ଶରଦ-୧	୦.୦୯୦	
	ଲକ୍ଷ୍ମୀପ୍ରସାଦପୁର	୪୭	ଜଳସେଚିତ	ଶରଦ-୩		ନିବାରଣ ପ୍ରଧାନ, ପି- ଜଳଧର ପ୍ରଧାନ, ନିତାନନ୍ଦ ପ୍ରଧାନ, ଦୁର୍ଯ୍ୟୋଧନ ପ୍ରଧାନ, ଗ୍ରା- ଆମଗଛ, ମାଧବ ପ୍ରଧାନ, ଗ୍ରା- ଆମଗଛ
	ଲକ୍ଷ୍ମୀପ୍ରସାଦପୁର	୪୭	ସରକାରୀ	ପତିତ	୦.୯୪୫	ଅବାଦ ଯୋଗ୍ୟ ଅନାବାଦୀ
	ଲକ୍ଷ୍ମୀପ୍ରସାଦପୁର	୪୪	ସରକାରୀ	ଶରଦ-୩	୦.୦୫୦	ଅବାଦ ଯୋଗ୍ୟ ଅନାବାଦୀ
୧୧.	ପୁଟପୁର	୪୩	ଜଳସେଚିତ	ଶରଦ-୩	୦.୪୦୦	କର୍ଣ୍ଣ ବେହେରା, ପି- ନବ ବେହେରା, ଗ୍ରା- ସୁଲୁଣ୍ଡା
	ପୁଟପୁର	୪୭	ଜଳସେଚିତ	ଶରଦ-୩	୦.୦୯୦	ଚଢ଼ୁ ସୁଆଁ, ପି- ଗୋପାଳ ସୁଆଁ, ଗ୍ରା- ନିଶ୍ଚିନ୍ତ
	ପୁଟପୁର	୪୭୫	ଜଳସେଚିତ	ଶରଦ-୩	୦.୦୭୦	ଲକ୍ଷ୍ମୀ ଗୋଛ, ପି- ଚୈତି ଗୋଛ, ଗ୍ରା- ନିଶ୍ଚିନ୍ତ
	ପୁଟପୁର	୧୭୪	ଜଳସେଚିତ	ଶରଦ-୩	୦.୯୩୦	
	ପୁଟପୁର	୧୦୪	ସରକାରୀ	ସର୍ବସାଧାରଣ ଯୋଜନା	୦.୦୯୩	ରକ୍ଷିତ
	ପୁଟପୁର	୧୯୭/୧୪୭	ସରକାରୀ	ଶରଦ-୩	୦.୬୫୭	ରକ୍ଷିତ
୧୨.	ପାଥରଖୁଣ୍ଟା	୭୬୭	ଜଳସେଚିତ	ଶରଦ-୩	୦.୬୫୦	ଦେବ ନାୟକ, ପି- ଈଶ୍ୱର ନାୟକ, ଗ୍ରା- ଗଡ଼ିଶଙ୍କର
	ପାଥରଖୁଣ୍ଟା	୭୬୪	ଜଳସେଚିତ	ଶରଦ-୧	୦.୦୭୦	
	ପାଥରଖୁଣ୍ଟା	୧୬୦/୧୭୪	ଜଳସେଚିତ	ଶରଦ-୧	୦.୦୪୦	
	ପାଥରଖୁଣ୍ଟା	୯୭	ଜଳସେଚିତ	ଶରଦ-୩	୦.୭୪୦	ଧରଣୀଧର ବେହେରା, ସୁରେଶ ବେହେରା, ପି- ଲକ୍ଷ୍ମଣ ବେହେରା, ଗ୍ରା- ସୁଲୁଣ୍ଡା
	ପାଥରଖୁଣ୍ଟା	୭୭	ଜଳସେଚିତ	ଶରଦ-୩	୦.୦୭୦	
	ପାଥରଖୁଣ୍ଟା	୭୩	ଜଳସେଚିତ	ଶରଦ-୩	୦.୦୯୦	ଚଉଠିରା ନାୟକ, ଶିବରାମ ନାୟକ, ପି- ଯୋଗୀନ୍ଦ୍ର ନାୟକ, ଗ୍ରା- ସୁଲୁଣ୍ଡା
	ପାଥରଖୁଣ୍ଟା	୭୫	ଜଳସେଚିତ	ଶରଦ-୩	୦.୦୪୦	
	ପାଥରଖୁଣ୍ଟା	୭୪	ଜଳସେଚିତ	ଶରଦ-୩	୦.୦୬୦	
	ପାଥରଖୁଣ୍ଟା	୭୪/୪୭୦	ଜଳସେଚିତ	ଆଟ	୦.୦୩୦	ସୁରେନ୍ଦ୍ରସିଂହ ବାବୁ, ଯୋଗେନ୍ଦ୍ରସିଂହ ବାବୁ, ପି- ଆନନ୍ଦରାମ ବାବୁ, ଗ୍ରା- ଅନୁଗଳିଆ
	ପାଥରଖୁଣ୍ଟା	୭୪/୪୦୮	ଜଳସେଚିତ	ଶରଦ-୩	୦.୦୯୦	ଆନନ୍ଦରୁ ସୁଆଁ, ପି- ଶ୍ରୀକାନ୍ତ ସୁଆଁ, ଗ୍ରା- ଅନୁଗଳିଆ
	ପାଥରଖୁଣ୍ଟା	୪୪୭	ଜଳସେଚିତ	ଶରଦ-୩	୦.୦୮୦	ଗଜପତି ରାଉତ, ପି- ଅର୍ଜୁନ ରାଉତ, ଗ୍ରା- ଅନୁଗଳିଆ
	ପାଥରଖୁଣ୍ଟା	୪୪୫	ଜଳସେଚିତ	ଶରଦ-୩	୦.୦୭୦	
	ପାଥରଖୁଣ୍ଟା	୪୪୪	ଜଳସେଚିତ	ଶରଦ-୩	୦.୦୬୦	ଜଗବନ୍ଧୁ ଲାଗଡ଼, ପି- ଚୁଡ଼ାମଣି ଲାଗଡ଼, ଗ୍ରା- ଚୁଲିଆ
	ପାଥରଖୁଣ୍ଟା	୭	ଜଳସେଚିତ	ଶରଦ-୩	୦.୦୪୦	ଅବାଦ ଯୋଗ୍ୟ ଅନାବାଦୀ
	ପାଥରଖୁଣ୍ଟା	୭୦	ଜଳସେଚିତ	ଶରଦ-୩	୦.୦୭୦	ଅବାଦ ଯୋଗ୍ୟ ଅନାବାଦୀ
	ପାଥରଖୁଣ୍ଟା	୭୭	ଜଳସେଚିତ	ଶରଦ-୩	୦.୦୯୦	ଅବାଦ ଯୋଗ୍ୟ ଅନାବାଦୀ
	ପାଥରଖୁଣ୍ଟା	୭୮	ଜଳସେଚିତ	ଶରଦ-୩	୦.୦୪୦	ଅବାଦ ଯୋଗ୍ୟ ଅନାବାଦୀ
	ପାଥରଖୁଣ୍ଟା	୭୯	ଜଳସେଚିତ	ଶରଦ-୩	୦.୦୭୦	ଅବାଦ ଯୋଗ୍ୟ ଅନାବାଦୀ
	ପାଥରଖୁଣ୍ଟା	୭୬	ସରକାରୀ	ଶରଦ-୩	୦.୦୬୦	ସର୍ବସାଧାରଣ
	ପାଥରଖୁଣ୍ଟା	୮୦	ସରକାରୀ	ଗୋଡ଼ା	୦.୦୪୦	ଅବାଦ ଯୋଗ୍ୟ ଅନାବାଦୀ
	ପାଥରଖୁଣ୍ଟା	୮୪	ସରକାରୀ	ଗୋଡ଼ା	୦.୦୭୦	ସର୍ବସାଧାରଣ
	ପାଥରଖୁଣ୍ଟା	୮୮	ସରକାରୀ	ପତିତ	୦.୦୬୦	ଅବାଦ ଯୋଗ୍ୟ ଅନାବାଦୀ
	ପାଥରଖୁଣ୍ଟା	୯୧	ଜଳସେଚିତ	ରାସ୍ତା	୦.୦୪୦	ସର୍ବସାଧାରଣ
	ପାଥରଖୁଣ୍ଟା	୭୪୮	ଜଳସେଚିତ	ଗୋଡ଼ା	୦.୧୪୦	
	ପାଥରଖୁଣ୍ଟା	୭୫୩	ଜଳସେଚିତ	ରାସ୍ତା	୦.୦୭୦	ସର୍ବସାଧାରଣ
	ପାଥରଖୁଣ୍ଟା	୭୫୫	ଜଳସେଚିତ	ଗଛ	୦.୭୪୦	ଅବାଦ ଯୋଗ୍ୟ ଅନାବାଦୀ
	ପାଥରଖୁଣ୍ଟା	୭୫୮	ଜଳସେଚିତ	ରାସ୍ତା	୦.୯୪୦	ଅବାଦ ଯୋଗ୍ୟ ଅନାବାଦୀ
	ପାଥରଖୁଣ୍ଟା	୭୩୪	ଜଳସେଚିତ	ଗୋଚର	୦.୫୭୦	ଅବାଦ ଯୋଗ୍ୟ ଅନାବାଦୀ
	ପାଥରଖୁଣ୍ଟା	୧୯୪	ଜଳସେଚିତ	ରାସ୍ତା	୦.୭୯୦	ଅବାଦ ଯୋଗ୍ୟ ଅନାବାଦୀ
	ପାଥରଖୁଣ୍ଟା	୧୯୦	ଜଳସେଚିତ	ଶରଦ-୩	୦.୫୦୦	ଅବାଦ ଯୋଗ୍ୟ ଅନାବାଦୀ
	ପାଥରଖୁଣ୍ଟା	୧୯୫	ଜଳସେଚିତ	ଶରଦ-୩	୦.୧୯୦	ଅବାଦ ଯୋଗ୍ୟ ଅନାବାଦୀ
	ପାଥରଖୁଣ୍ଟା	୧୯୮	ସରକାରୀ	ଶରଦ-୩	୦.୦୪୦	ଅବାଦ ଯୋଗ୍ୟ ଅନାବାଦୀ
୧୩.	ଲାଲୁମୁଢ଼ା	୯୯	ଜଳସେଚିତ	ଶରଦ-୩	୦.୦୮୦	ପୁରନ୍ଦର ଯାଦବ, ପି- ଚୁଡ଼ ଯାଦବ, ଗ୍ରା- ନିଶ୍ଚିନ୍ତ
	ଲାଲୁମୁଢ଼ା	୧୦	ଜଳସେଚିତ	ଶରଦ-୩	୦.୦୪୦	
	ଲାଲୁମୁଢ଼ା	୪୭	ଜଳସେଚିତ	ଶରଦ-୩	୦.୦୬୦	ଦେବରାଜ ସାହୁ, ଶ୍ୟାମସୁନ୍ଦର ସାହୁ, ଯୋଗିନ୍ଦ୍ର ସାହୁ, ପି- ଭରତ ସାହୁ, ପି- ଶକ୍ତି ସାହୁ, ଗ୍ରା- ଅନୁଗଳିଆ
	ଲାଲୁମୁଢ଼ା	୧୯	ଜଳସେଚିତ	ଶରଦ-୩	୦.୧୬୦	ପି- ଚଢ଼ି ସାହୁ, ପି- ରାମ ସାହୁ, ଗ୍ରା- ଲାଲୁମୁଢ଼ା
	ଲାଲୁମୁଢ଼ା	୧୪	ଜଳସେଚିତ	ଶରଦ-୩	୦.୧୯୦	ଜ୍ଞାନମତୀ ସାହୁ, ପି- ବଳରାମ ସାହୁ, ଗ୍ରା- ଅନୁଗଳିଆ
	ଲାଲୁମୁଢ଼ା	୫	ଜଳସେଚିତ	ଶରଦ-୩	୦.୭୦୦	ବିଶ୍ୱନାଥ ବେହେରା, ପି- ସନାତନ ବେହେରା, ଗ୍ରା- ଲାଲୁମୁଢ଼ା
	ଲାଲୁମୁଢ଼ା	୧୮	ଜଳସେଚିତ	ଶରଦ-୧	୦.୦୪୦	ଅବାଦ ଯୋଗ୍ୟ ଅନାବାଦୀ
	ଲାଲୁମୁଢ଼ା	୧୪	ଜଳସେଚିତ	ଶରଦ-୩	୦.୦୭୦	ଅବାଦ ଯୋଗ୍ୟ ଅନାବାଦୀ
	ଲାଲୁମୁଢ଼ା	୧୯	ଜଳସେଚିତ	ପତିତ	୦.୦୯୦	ଅବାଦ ଯୋଗ୍ୟ ଅନାବାଦୀ
	ଲାଲୁମୁଢ଼ା	୯୪	ଜଳସେଚିତ	ଶରଦ-୩	୦.୦୭୦	ଅବାଦ ଯୋଗ୍ୟ ଅନାବାଦୀ
	ଲାଲୁମୁଢ଼ା	୭୭	ଜଳସେଚିତ	ଶରଦ-୩	୦.୦୪୦	ଅବାଦ ଯୋଗ୍ୟ ଅନାବାଦୀ
	ଲାଲୁମୁଢ଼ା	୭୮	ଜଳସେଚିତ	ଶରଦ-୩	୦.୦୬୦	ସର୍ବସାଧାରଣ
	ଲାଲୁମୁଢ଼ା	୭୮	ସରକାରୀ	ରାସ୍ତା	୦.୦୯୦	ସର୍ବସାଧାରଣ
	ଲାଲୁମୁଢ଼ା	୮	ସରକାରୀ	ଝରଣ	୦.୭୦୦	ସର୍ବସାଧାରଣ
	ଲାଲୁମୁଢ଼ା	୧୪	ସରକାରୀ	ପତିତ	୦.୦୪୦	ଅବାଦ ଯୋଗ୍ୟ ଅନାବାଦୀ
	ଲାଲୁମୁଢ଼ା	୧୮	ସରକାରୀ	ପତିତ	୦.୦୬୦	ଅବାଦ ଯୋଗ୍ୟ ଅନାବାଦୀ
	ଲାଲୁମୁଢ଼ା	୯୪	ସରକାରୀ	ଶରଦ-୩	୦.୦୭୦	ଅବାଦ ଯୋଗ୍ୟ ଅନାବାଦୀ
	ଲାଲୁମୁଢ଼ା	୯୧	ସରକାରୀ	ଶରଦ-୩	୦.୦୪୦	ଅବାଦ ଯୋଗ୍ୟ ଅନାବାଦୀ
	ଲାଲୁମୁଢ଼ା	୭୭	ସରକାରୀ	ଗୋଡ଼ା	୦.୦୭୦	ଅବାଦ ଯୋଗ୍ୟ ଅନାବାଦୀ
	ଲାଲୁମୁଢ଼ା	୭୭/୪୭୭	ସରକାରୀ	ଶରଦ-୩	୦.୦୪୦	ଅବାଦ ଯୋଗ୍ୟ ଅନାବାଦୀ
	ଲାଲୁମୁଢ଼ା	୭୪	ସରକାରୀ	ଗଛ	୦.୦୫୦	ସର୍ବସାଧାରଣ
	ଲାଲୁମୁଢ଼ା	୭୮	ସରକାରୀ	ଗଛ	୦.୭୪୦	ସର୍ବସାଧାରଣ
	ଲାଲୁମୁଢ଼ା	୪/୪୭୭	ଜଳସେଚିତ	ସାରବଦେଇ-୧	୦.୦୪୦	
୧୪.	ଗଡ଼ିଶ୍ୱରପୁର	୪୫	ଜଳସେଚିତ	ସାରବଦେଇ-୧	୦.୧୪୦	ଅନୁଯାତ୍ରା ପ୍ରଧାନ, ଦୁର୍ଯ୍ୟୋଧନ ପ୍ରଧାନ, ଭାଗୀରଥୀ ପ୍ରଧାନ, ଦଶରଥ ପ୍ରଧାନ, ପି- ଶ୍ରୀରାମ ପ୍ରଧାନ, ଗ୍ରା- ନିଶ୍ଚିନ୍ତପାଲି
	ଗଡ଼ିଶ୍ୱରପୁର	୪୬	ଜଳସେଚିତ	ଶରଦ-୧	୦.୭୪୦	
	ଗଡ଼ିଶ୍ୱରପୁର	୩୭/୧୭୪୪	ଜଳସେଚିତ	ଶରଦ-୧	୦.୦୭୦	ଅର୍ଜୁନ ପ୍ରଧାନ, ଚତୁର୍ଭୁଜ ପ୍ରଧାନ, କୁନ୍ଦ ପ୍ରଧାନ, ପି- ଶ୍ରୀଧର ପ୍ରଧାନ, ଗ୍ରା- ନିଶ୍ଚିନ୍ତପାଲି
	ଗଡ଼ିଶ୍ୱରପୁର	୧୯୪	ଜଳସେଚିତ	ଶରଦ-୩	୦.୧୪୦	ଅନୁଯୁକ୍ତ ଗଡ଼ରେ ଦାଖଲ ନଥିବା, ଗ୍ରା- ନିଶ୍ଚିନ୍ତ
	ଗଡ଼ିଶ୍ୱରପୁର	୭୬୭	ଜଳସେଚିତ	ଶରଦ-୩	୦.୫୪୦	ଶାନ୍ତିମଣି ସାହୁ, ପି- ଚଢ଼ର ସାହୁ, ଗ୍ରା- ନିଶ୍ଚିନ୍ତ
	ଗଡ଼ିଶ୍ୱରପୁର	୭୬୪	ଜଳସେଚିତ	ଶରଦ-୩	୦.୭୪୦	
	ଗଡ଼ିଶ୍ୱରପୁର	୧୮୦	ଜଳସେଚିତ	ଗୋଚର	୦.୦୪୦	
	ଗଡ଼ିଶ୍ୱରପୁର	୧୮/୭୮୪୪	ଜଳସେଚିତ	ଶରଦ-୩	୦.୦୭୦	
	ଗଡ଼ିଶ୍ୱରପୁର	୭୪୪	ଜଳସେଚିତ	ପତିତ	୦.୮୭୦	
	ଗଡ଼ିଶ୍ୱରପୁର	୪୭୭	ଜଳସେଚିତ	ଶରଦ-୩	୦.୪୯୦	ବୃହସ୍ପତି ସାହୁ, ଚନ୍ଦ୍ରିକେଶ୍ୱର ସାହୁ, ଦୀପାବଳି ସାହୁ, ପି- ଚୈତନ ସାହୁ, ଗ୍ରା- ନିଶ୍ଚିନ୍ତ
	ଗଡ଼ିଶ୍ୱରପୁର	୪୮	ଜଳସେଚିତ	ଶରଦ-୩	୦.୦୭୦	ଟୀକେଶ୍ୱର ପ୍ରଧାନ, ପି- ମାୟା ପ୍ରଧାନ, ଗ୍ରା- ନିଶ୍ଚିନ୍ତ
	ଗଡ଼ିଶ୍ୱରପୁର	୪୯	ଜଳସେଚିତ	ଶରଦ-୩	୦.୭୧୦	
	ଗଡ଼ିଶ୍ୱରପୁର	୭୦	ଜଳସେଚିତ	ଶରଦ-୩	୦.୧୫୦	ଜଳେଶ୍ୱର ସାହୁ, ଅର୍ଜୁନ ସାହୁ, ହେମନ୍ତ ସାହୁ, ଆଶାରାମ ସାହୁ, ଗ୍ରା- ନିଶ୍ଚିନ୍ତ
	ଗଡ଼ିଶ୍ୱରପୁର	୭୪୪	ଜଳସେଚିତ	ଶରଦ-୩	୦.୧୫୦	ପି- ଜଗନ୍ନାଥ ସାହୁ, ଗ୍ରା- ନିଶ୍ଚିନ୍ତ
	ଗଡ଼ିଶ୍ୱରପୁର	୭୪୮	ଜଳସେଚିତ	ଶରଦ-୩	୦.୪୫୦	
	ଗଡ଼ିଶ୍ୱରପୁର	୪୯୭	ଜଳସେଚିତ	ଶରଦ-୩	୦.୪୫୦	ଗାୟତ୍ରୀ ସାହୁ, ପି- ଚଢ଼ର ସାହୁ, ଗ୍ରା- ନିଶ୍ଚିନ୍ତ
	ଗଡ଼ିଶ୍ୱରପୁର	୪୪୦	ଜଳସେଚିତ	ଶରଦ-୧	୦.୦୪୦	
	ଗଡ଼ିଶ୍ୱରପୁର	୪୪୫	ଜଳସେଚିତ	ଶରଦ-୩	୦.୦୪୫	ଅବାଦ ଯୋଗ୍ୟ ଅନାବାଦୀ
	ଗଡ଼ିଶ୍ୱରପୁର	୪୦	ସରକାରୀ	ଗୋଚର-୧	୦.୦୯୦	କବିତା ବିଶି, ପି- ଅଜୟ ବିଶି, ଗ୍ରା- ନିଶ୍ଚିନ୍ତ
	ଗଡ଼ିଶ୍ୱରପୁର	୧୦୭/୪୪୫	ଜଳସେଚିତ	ଶରଦ-୩	୦.୦୮୦	
	ଗଡ଼ିଶ୍ୱରପୁର	୪୪୭	ଜଳସେଚିତ	ଶରଦ-୩	୦.୦୬୦	ଅନୁରାଧା ଗୟି, ପି- ସର୍ବେଶ୍ୱର ଗୟି, ଗ୍ରା- ନିଶ୍ଚିନ୍ତ
	ଗଡ଼ିଶ୍ୱରପୁର	୯୪୦	ଜଳସେଚିତ	ଶରଦ-୩	୦.୪୦୦	
	ଗଡ଼ିଶ୍ୱରପୁର	୧୪୭	ଜଳସେଚିତ	ଶରଦ-୩	୦.୦୮୦	
	ଗଡ଼ିଶ୍ୱରପୁର	୭୪୩	ଜଳସେଚିତ	ଶରଦ-୩	୦.୧୫୦	ନିବେଦିତା ସାହୁ, ପି- ଅର୍ଜୁନ ସାହୁ, ଗ୍ରା- ନିଶ୍ଚିନ୍ତ
	ଗଡ଼ିଶ୍ୱରପୁର	୩୧୭	ଜଳସେଚିତ	ଶରଦ-୩	୦.୦୬୦	
	ଗଡ଼ିଶ୍ୱରପୁର	୪୪/୪୭୪୩	ଜଳସେଚିତ	ଶରଦ-୩	୦.୦୬୦	ଶ୍ରୀଧର ଗ୍ରାମର, ପି- ଚଢ଼ିଆ ଗ୍ରାମର, ଗ୍ରା- ନିଶ୍ଚିନ୍ତ
	ଗଡ଼ିଶ୍ୱରପୁର	୪୩୪	ଜଳସେଚିତ	ସାରବଦେଇ-୩	୦.୦୪୦	
	ଗଡ଼ିଶ୍ୱରପୁର	୪୩୪/୪୭୪୪	ଜଳସେଚିତ	ଶରଦ-୩	୦.୦୯୦	ଗୋବିନ୍ଦ ନାଏକ, ପି- ଦଶରଥ ନାଏକ, ଗ୍ରା- ନିଶ୍ଚିନ୍ତ
	ଗଡ଼ିଶ୍ୱରପୁର	୩୩୪	ଜଳସେଚିତ	ଶରଦ-୩	୦.୦୬୦	
	ଗଡ଼ିଶ୍ୱରପୁର	୩୩୮	ଜଳସେଚିତ	ଶରଦ-୩	୦.୦୭୦	ଚମ୍ପା ସାହୁ, ପି- ଉତ୍ତମ ସାହୁ, ଗ୍ରା- ନିଶ୍ଚିନ୍ତ
See Next Page ...
